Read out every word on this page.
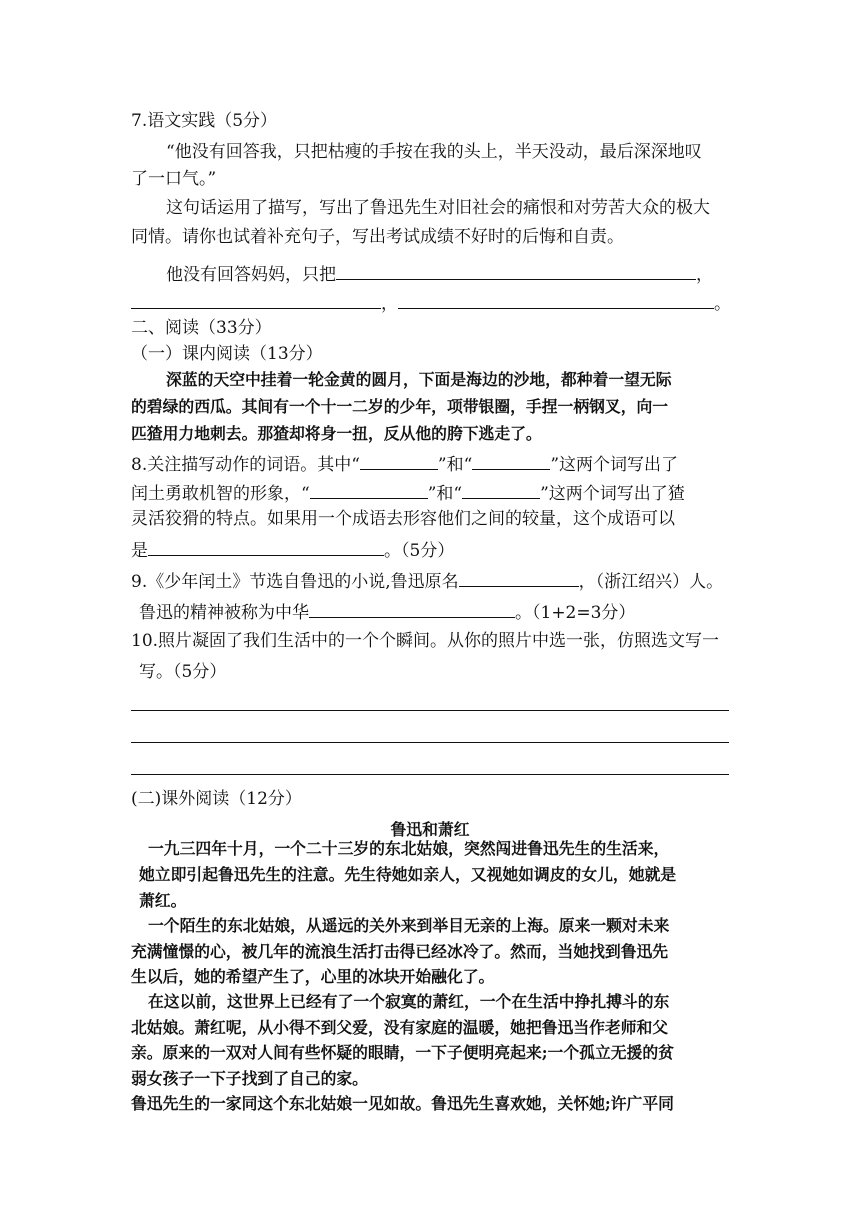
7.语文实践（5分）
“他没有回答我，只把枯瘦的手按在我的头上，半天没动，最后深深地叹
了一口气。”
这句话运用了描写，写出了鲁迅先生对旧社会的痛恨和对劳苦大众的极大
同情。请你也试着补充句子，写出考试成绩不好时的后悔和自责。
他没有回答妈妈，只把	，
，	。
二、阅读（33分）
（一）课内阅读（13分）
深蓝的天空中挂着一轮金黄的圆月，下面是海边的沙地，都种着一望无际
的碧绿的西瓜。其间有一个十一二岁的少年，项带银圈，手捏一柄钢叉，向一
匹猹用力地刺去。那猹却将身一扭，反从他的胯下逃走了。
8.关注描写动作的词语。其中“	”和“	”这两个词写出了
闰土勇敢机智的形象，“	”和“	”这两个词写出了猹
灵活狡猾的特点。如果用一个成语去形容他们之间的较量，这个成语可以
是	。（5分）
9.《少年闰土》节选自鲁迅的小说,鲁迅原名	，（浙江绍兴）人。
鲁迅的精神被称为中华	。（1+2=3分）
10.照片凝固了我们生活中的一个个瞬间。从你的照片中选一张，仿照选文写一
写。（5分）
(二)课外阅读（12分）
鲁迅和萧红
一九三四年十月，一个二十三岁的东北姑娘，突然闯进鲁迅先生的生活来，
她立即引起鲁迅先生的注意。先生待她如亲人，又视她如调皮的女儿，她就是
萧红。
一个陌生的东北姑娘，从遥远的关外来到举目无亲的上海。原来一颗对未来
充满憧憬的心，被几年的流浪生活打击得已经冰冷了。然而，当她找到鲁迅先
生以后，她的希望产生了，心里的冰块开始融化了。
在这以前，这世界上已经有了一个寂寞的萧红，一个在生活中挣扎搏斗的东
北姑娘。萧红呢，从小得不到父爱，没有家庭的温暖，她把鲁迅当作老师和父
亲。原来的一双对人间有些怀疑的眼睛，一下子便明亮起来;一个孤立无援的贫
弱女孩子一下子找到了自己的家。
鲁迅先生的一家同这个东北姑娘一见如故。鲁迅先生喜欢她，关怀她;许广平同
